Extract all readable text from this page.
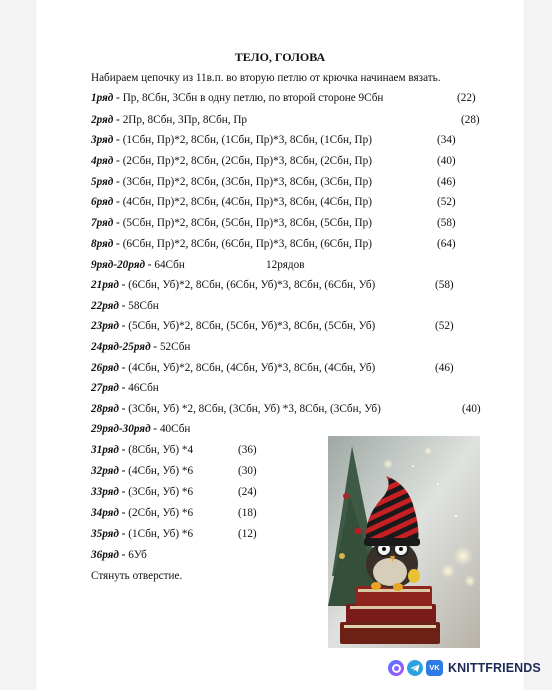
ТЕЛО, ГОЛОВА
Набираем цепочку из 11в.п. во вторую петлю от крючка начинаем вязать.
1ряд - Пр, 8Сбн, 3Сбн в одну петлю, по второй стороне 9Сбн	(22)
2ряд - 2Пр, 8Сбн, 3Пр, 8Сбн, Пр	(28)
3ряд - (1Сбн, Пр)*2, 8Сбн, (1Сбн, Пр)*3, 8Сбн, (1Сбн, Пр)	(34)
4ряд - (2Сбн, Пр)*2, 8Сбн, (2Сбн, Пр)*3, 8Сбн, (2Сбн, Пр)	(40)
5ряд - (3Сбн, Пр)*2, 8Сбн, (3Сбн, Пр)*3, 8Сбн, (3Сбн, Пр)	(46)
6ряд - (4Сбн, Пр)*2, 8Сбн, (4Сбн, Пр)*3, 8Сбн, (4Сбн, Пр)	(52)
7ряд - (5Сбн, Пр)*2, 8Сбн, (5Сбн, Пр)*3, 8Сбн, (5Сбн, Пр)	(58)
8ряд - (6Сбн, Пр)*2, 8Сбн, (6Сбн, Пр)*3, 8Сбн, (6Сбн, Пр)	(64)
9ряд-20ряд - 64Сбн	12рядов
21ряд - (6Сбн, Уб)*2, 8Сбн, (6Сбн, Уб)*3, 8Сбн, (6Сбн, Уб)	(58)
22ряд - 58Сбн
23ряд - (5Сбн, Уб)*2, 8Сбн, (5Сбн, Уб)*3, 8Сбн, (5Сбн, Уб)	(52)
24ряд-25ряд - 52Сбн
26ряд - (4Сбн, Уб)*2, 8Сбн, (4Сбн, Уб)*3, 8Сбн, (4Сбн, Уб)	(46)
27ряд - 46Сбн
28ряд - (3Сбн, Уб) *2, 8Сбн, (3Сбн, Уб) *3, 8Сбн, (3Сбн, Уб)	(40)
29ряд-30ряд - 40Сбн
31ряд - (8Сбн, Уб) *4	(36)
32ряд - (4Сбн, Уб) *6	(30)
33ряд - (3Сбн, Уб) *6	(24)
34ряд - (2Сбн, Уб) *6	(18)
35ряд - (1Сбн, Уб) *6	(12)
36ряд - 6Уб
Стянуть отверстие.
VK KNITTFRIENDS
